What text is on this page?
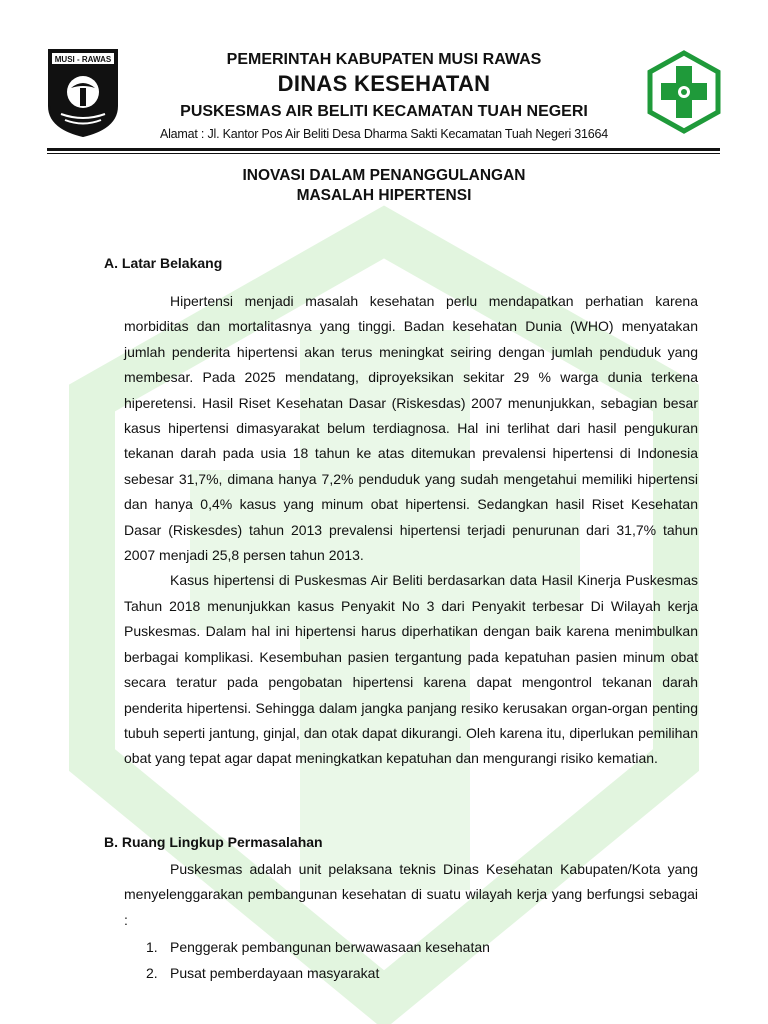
MUSI - RAWAS	PEMERINTAH KABUPATEN MUSI RAWAS
DINAS KESEHATAN
PUSKESMAS AIR BELITI KECAMATAN TUAH NEGERI
Alamat : Jl. Kantor Pos Air Beliti Desa Dharma Sakti Kecamatan Tuah Negeri 31664
INOVASI DALAM PENANGGULANGAN
MASALAH HIPERTENSI
A. Latar Belakang

Hipertensi menjadi masalah kesehatan perlu mendapatkan perhatian karena morbiditas dan mortalitasnya yang tinggi. Badan kesehatan Dunia (WHO) menyatakan jumlah penderita hipertensi akan terus meningkat seiring dengan jumlah penduduk yang membesar. Pada 2025 mendatang, diproyeksikan sekitar 29 % warga dunia terkena hiperetensi. Hasil Riset Kesehatan Dasar (Riskesdas) 2007 menunjukkan, sebagian besar kasus hipertensi dimasyarakat belum terdiagnosa. Hal ini terlihat dari hasil pengukuran tekanan darah pada usia 18 tahun ke atas ditemukan prevalensi hipertensi di Indonesia sebesar 31,7%, dimana hanya 7,2% penduduk yang sudah mengetahui memiliki hipertensi dan hanya 0,4% kasus yang minum obat hipertensi. Sedangkan hasil Riset Kesehatan Dasar (Riskesdes) tahun 2013 prevalensi hipertensi terjadi penurunan dari 31,7% tahun 2007 menjadi 25,8 persen tahun 2013.

Kasus hipertensi di Puskesmas Air Beliti berdasarkan data Hasil Kinerja Puskesmas Tahun 2018 menunjukkan kasus Penyakit No 3 dari Penyakit terbesar Di Wilayah kerja Puskesmas. Dalam hal ini hipertensi harus diperhatikan dengan baik karena menimbulkan berbagai komplikasi. Kesembuhan pasien tergantung pada kepatuhan pasien minum obat secara teratur pada pengobatan hipertensi karena dapat mengontrol tekanan darah penderita hipertensi. Sehingga dalam jangka panjang resiko kerusakan organ-organ penting tubuh seperti jantung, ginjal, dan otak dapat dikurangi. Oleh karena itu, diperlukan pemilihan obat yang tepat agar dapat meningkatkan kepatuhan dan mengurangi risiko kematian.

B. Ruang Lingkup Permasalahan

Puskesmas adalah unit pelaksana teknis Dinas Kesehatan Kabupaten/Kota yang menyelenggarakan pembangunan kesehatan di suatu wilayah kerja yang berfungsi sebagai :

1. Penggerak pembangunan berwawasaan kesehatan
2. Pusat pemberdayaan masyarakat
